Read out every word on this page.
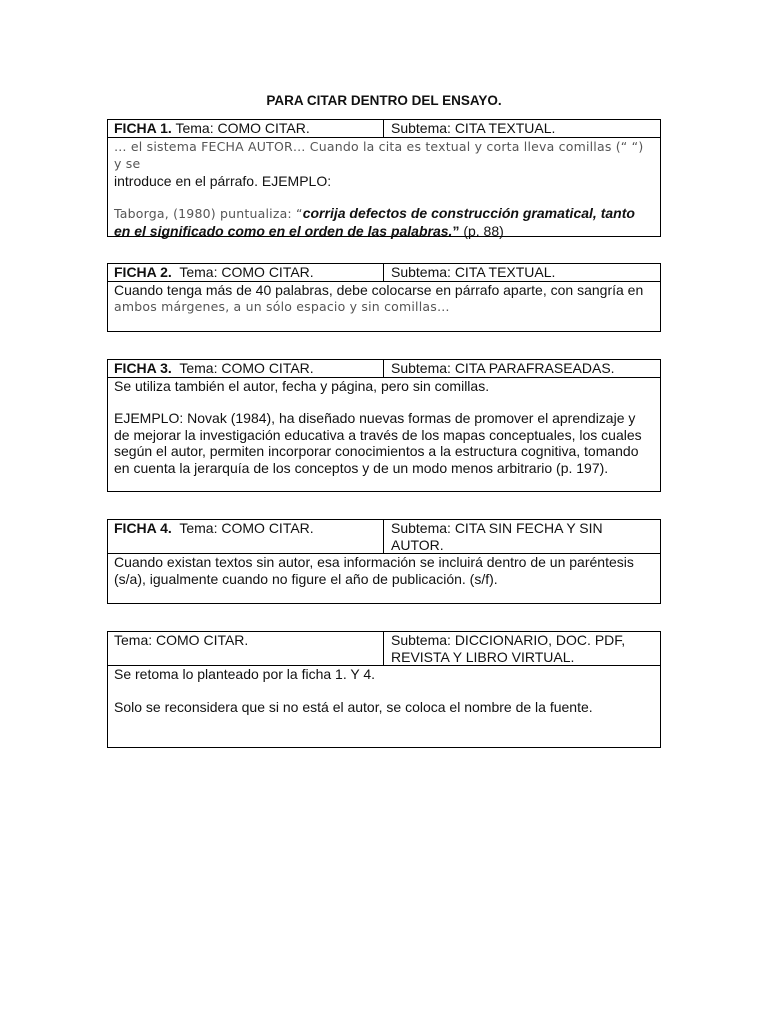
PARA CITAR DENTRO DEL ENSAYO.
FICHA 1. Tema: COMO CITAR.	Subtema: CITA TEXTUAL.

… el sistema FECHA AUTOR… Cuando la cita es textual y corta lleva comillas (“ “) y se
introduce en el párrafo. EJEMPLO:

Taborga, (1980) puntualiza: “corrija defectos de construcción gramatical, tanto en el significado como en el orden de las palabras.” (p. 88)

FICHA 2. Tema: COMO CITAR.	Subtema: CITA TEXTUAL.

Cuando tenga más de 40 palabras, debe colocarse en párrafo aparte, con sangría en
ambos márgenes, a un sólo espacio y sin comillas…

FICHA 3. Tema: COMO CITAR.	Subtema: CITA PARAFRASEADAS.

Se utiliza también el autor, fecha y página, pero sin comillas.

EJEMPLO: Novak (1984), ha diseñado nuevas formas de promover el aprendizaje y de mejorar la investigación educativa a través de los mapas conceptuales, los cuales según el autor, permiten incorporar conocimientos a la estructura cognitiva, tomando en cuenta la jerarquía de los conceptos y de un modo menos arbitrario (p. 197).

FICHA 4. Tema: COMO CITAR.	Subtema: CITA SIN FECHA Y SIN AUTOR.

Cuando existan textos sin autor, esa información se incluirá dentro de un paréntesis (s/a), igualmente cuando no figure el año de publicación. (s/f).

Tema: COMO CITAR.	Subtema: DICCIONARIO, DOC. PDF, REVISTA Y LIBRO VIRTUAL.

Se retoma lo planteado por la ficha 1. Y 4.

Solo se reconsidera que si no está el autor, se coloca el nombre de la fuente.
